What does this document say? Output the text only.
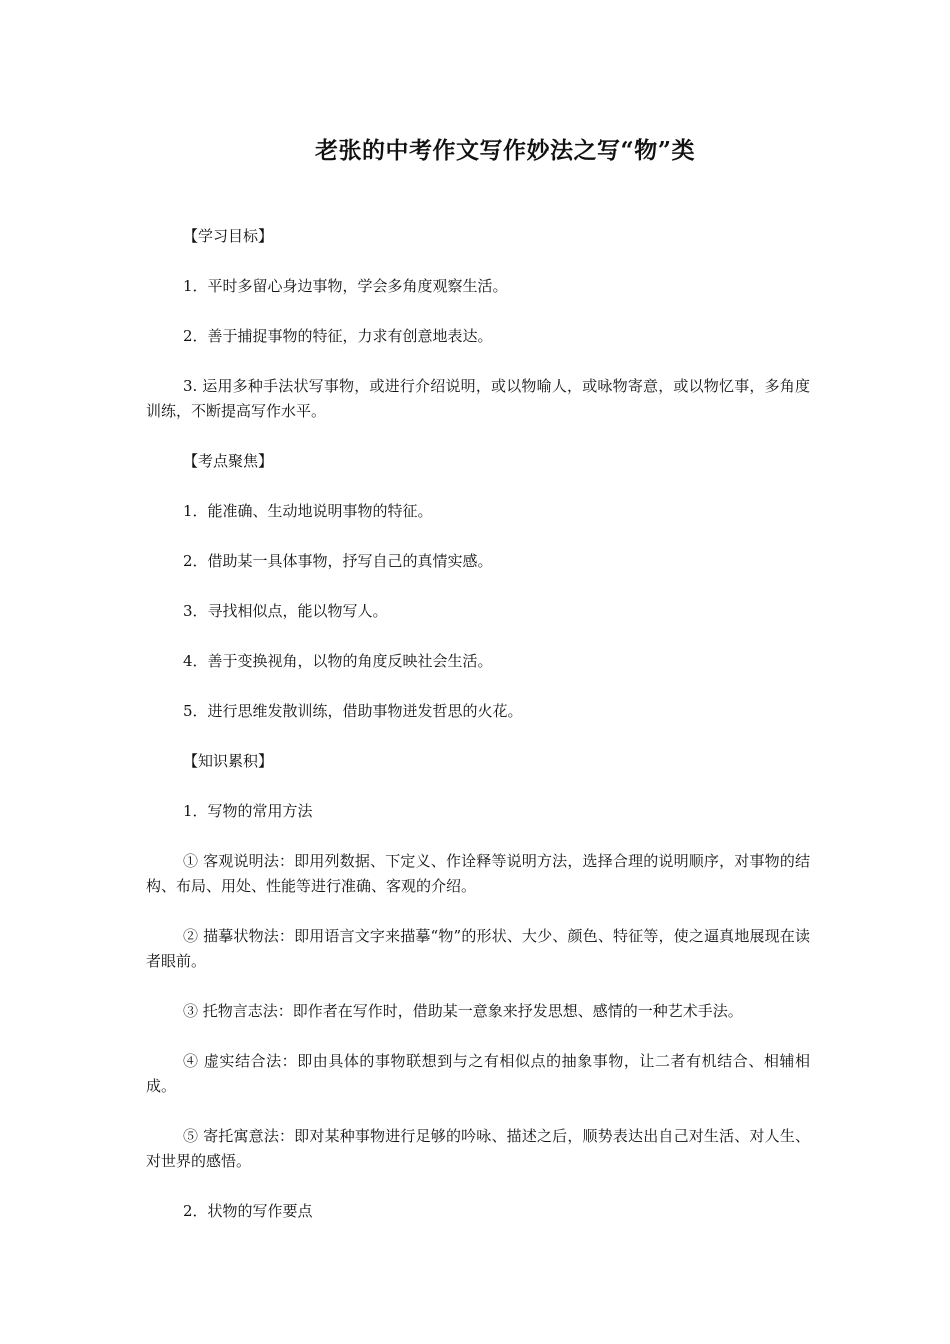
老张的中考作文写作妙法之写“物”类

【学习目标】

1．平时多留心身边事物，学会多角度观察生活。

2．善于捕捉事物的特征，力求有创意地表达。

3. 运用多种手法状写事物，或进行介绍说明，或以物喻人，或咏物寄意，或以物忆事，多角度训练，不断提高写作水平。

【考点聚焦】

1．能准确、生动地说明事物的特征。

2．借助某一具体事物，抒写自己的真情实感。

3．寻找相似点，能以物写人。

4．善于变换视角，以物的角度反映社会生活。

5．进行思维发散训练，借助事物迸发哲思的火花。

【知识累积】

1．写物的常用方法

① 客观说明法：即用列数据、下定义、作诠释等说明方法，选择合理的说明顺序，对事物的结构、布局、用处、性能等进行准确、客观的介绍。

② 描摹状物法：即用语言文字来描摹“物”的形状、大少、颜色、特征等，使之逼真地展现在读者眼前。

③ 托物言志法：即作者在写作时，借助某一意象来抒发思想、感情的一种艺术手法。

④ 虚实结合法：即由具体的事物联想到与之有相似点的抽象事物，让二者有机结合、相辅相成。

⑤ 寄托寓意法：即对某种事物进行足够的吟咏、描述之后，顺势表达出自己对生活、对人生、对世界的感悟。

2．状物的写作要点
